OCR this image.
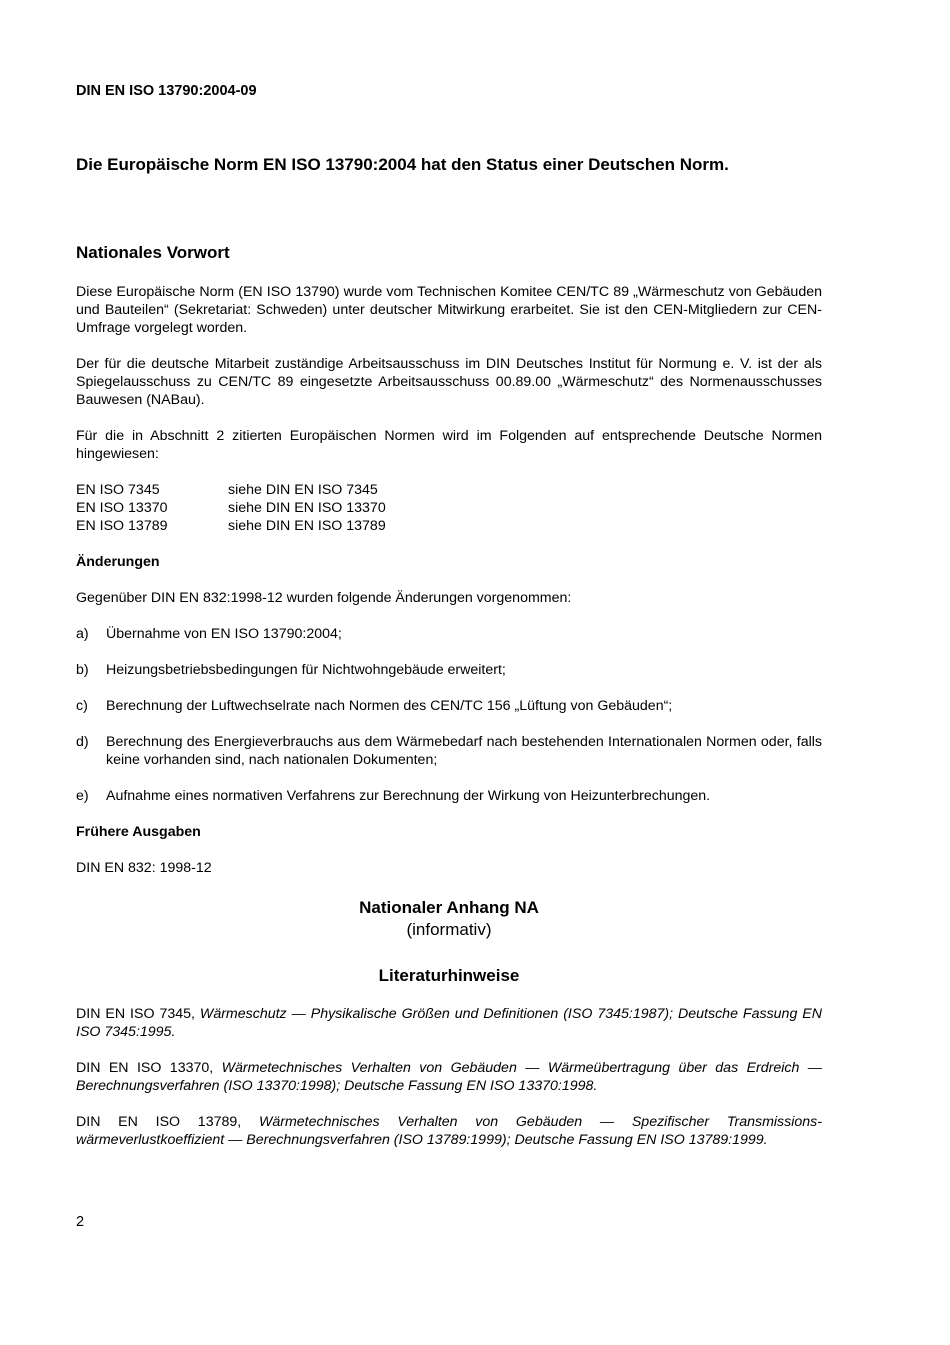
DIN EN ISO 13790:2004-09
Die Europäische Norm EN ISO 13790:2004 hat den Status einer Deutschen Norm.
Nationales Vorwort

Diese Europäische Norm (EN ISO 13790) wurde vom Technischen Komitee CEN/TC 89 „Wärmeschutz von Gebäuden und Bauteilen“ (Sekretariat: Schweden) unter deutscher Mitwirkung erarbeitet. Sie ist den CEN-Mitgliedern zur CEN-Umfrage vorgelegt worden.

Der für die deutsche Mitarbeit zuständige Arbeitsausschuss im DIN Deutsches Institut für Normung e. V. ist der als Spiegelausschuss zu CEN/TC 89 eingesetzte Arbeitsausschuss 00.89.00 „Wärmeschutz“ des Normenausschusses Bauwesen (NABau).

Für die in Abschnitt 2 zitierten Europäischen Normen wird im Folgenden auf entsprechende Deutsche Normen hingewiesen:

EN ISO 7345	siehe DIN EN ISO 7345
EN ISO 13370	siehe DIN EN ISO 13370
EN ISO 13789	siehe DIN EN ISO 13789
Änderungen

Gegenüber DIN EN 832:1998-12 wurden folgende Änderungen vorgenommen:

a)	Übernahme von EN ISO 13790:2004;
b)	Heizungsbetriebsbedingungen für Nichtwohngebäude erweitert;
c)	Berechnung der Luftwechselrate nach Normen des CEN/TC 156 „Lüftung von Gebäuden“;
d)	Berechnung des Energieverbrauchs aus dem Wärmebedarf nach bestehenden Internationalen Normen oder, falls keine vorhanden sind, nach nationalen Dokumenten;
e)	Aufnahme eines normativen Verfahrens zur Berechnung der Wirkung von Heizunterbrechungen.
Frühere Ausgaben

DIN EN 832: 1998-12

Nationaler Anhang NA
(informativ)
Literaturhinweise
DIN EN ISO 7345, Wärmeschutz — Physikalische Größen und Definitionen (ISO 7345:1987); Deutsche Fassung EN ISO 7345:1995.
DIN EN ISO 13370, Wärmetechnisches Verhalten von Gebäuden — Wärmeübertragung über das Erdreich — Berechnungsverfahren (ISO 13370:1998); Deutsche Fassung EN ISO 13370:1998.
DIN EN ISO 13789, Wärmetechnisches Verhalten von Gebäuden — Spezifischer Transmissions-wärmeverlustkoeffizient — Berechnungsverfahren (ISO 13789:1999); Deutsche Fassung EN ISO 13789:1999.
2
